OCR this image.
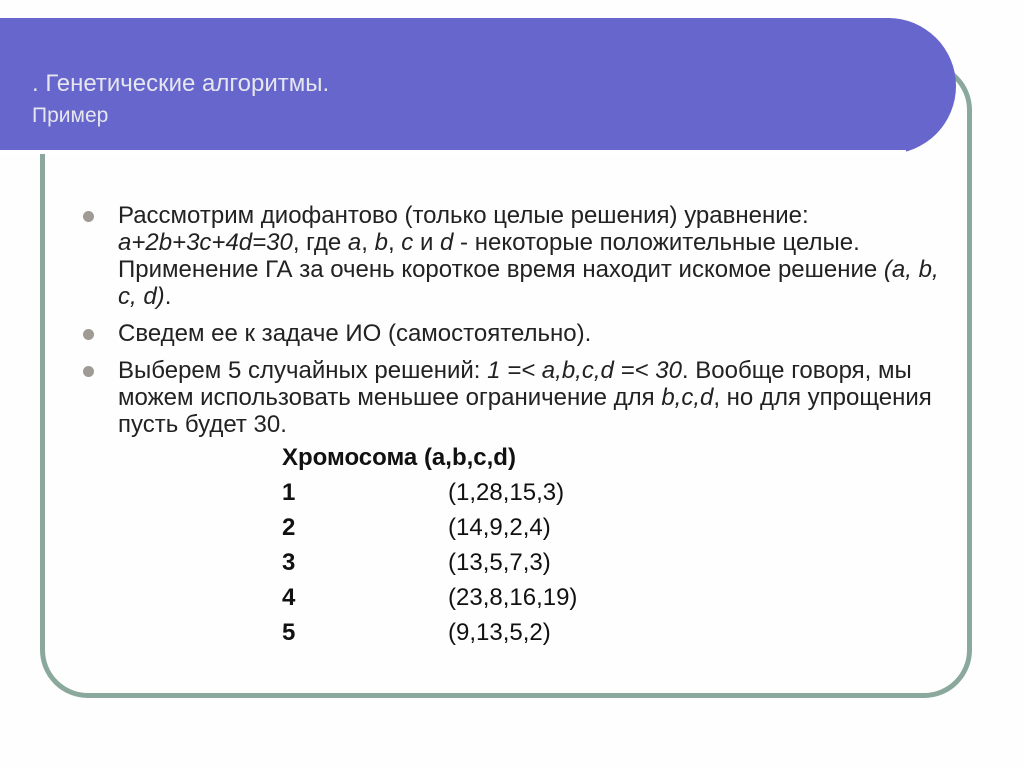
. Генетические алгоритмы.
Пример
Рассмотрим диофантово (только целые решения) уравнение: a+2b+3c+4d=30, где a, b, c и d - некоторые положительные целые. Применение ГА за очень короткое время находит искомое решение (a, b, c, d).
Сведем ее к задаче ИО (самостоятельно).
Выберем 5 случайных решений: 1 =< a,b,c,d =< 30. Вообще говоря, мы можем использовать меньшее ограничение для b,c,d, но для упрощения пусть будет 30.
Хромосома (a,b,c,d)
1	(1,28,15,3)
2	(14,9,2,4)
3	(13,5,7,3)
4	(23,8,16,19)
5	(9,13,5,2)
